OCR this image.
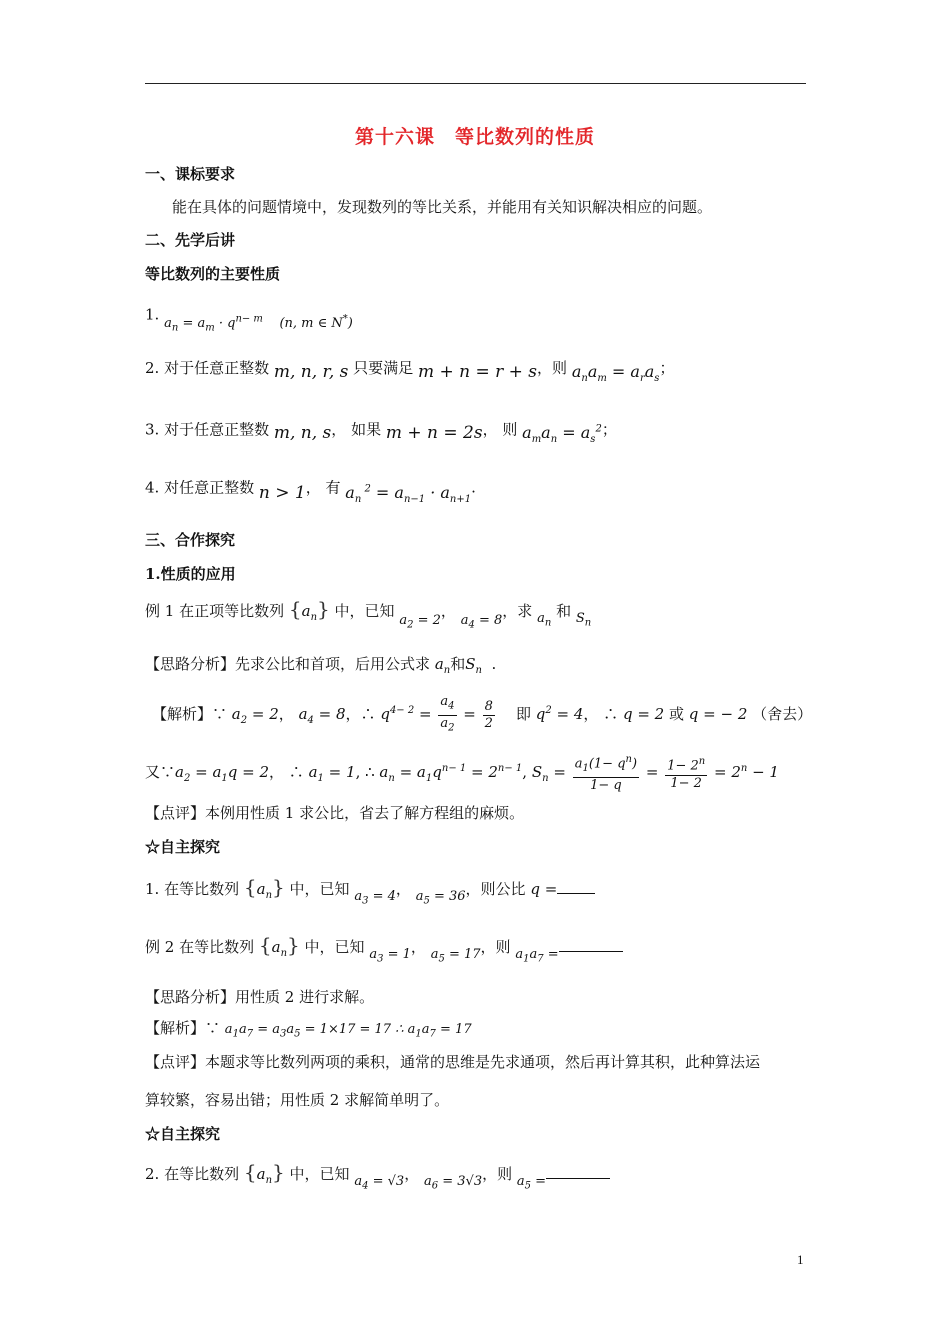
第十六课　等比数列的性质
一、课标要求
能在具体的问题情境中，发现数列的等比关系，并能用有关知识解决相应的问题。
二、先学后讲
等比数列的主要性质
1. $a_n = a_m \cdot q^{n- m}$    (n, m ∈ N*)
2. 对于任意正整数 m, n, r, s 只要满足 m + n = r + s，则 $a_na_m = a_ra_s$；
3. 对于任意正整数 m, n, s， 如果 m + n = 2s， 则 $a_ma_n = a_s^2$；
4. 对任意正整数 n > 1， 有 $a_n$ $^2 = a_{n-1} \cdot a_{n+1}$.
三、合作探究
1.性质的应用
例 1 在正项等比数列 $\{a_n\}$ 中，已知 $a_2 = 2$， $a_4 = 8$，求 $a_n$ 和 $S_n$
【思路分析】先求公比和首项，后用公式求 $a_n$和$S_n$  .
【解析】∵ $a_2 = 2$， $a_4 = 8$，∴ $q^{4- 2} = \frac{a_4}{a_2} = \frac{8}{2}$ 即 $q^2 = 4$， ∴ q = 2 或 q = − 2 （舍去）
又$\because a_2 = a_1q = 2$， ∴ $a_1 = 1$, ∴ $a_n = a_1q^{n- 1} = 2^{n- 1}$, $S_n = \frac{a_1(1- q^n)}{1- q} = \frac{1- 2^n}{1- 2} = 2^n - 1$
【点评】本例用性质 1 求公比，省去了解方程组的麻烦。
☆自主探究
1. 在等比数列 $\{a_n\}$ 中，已知 $a_3 = 4$， $a_5 = 36$，则公比 q =
例 2 在等比数列 $\{a_n\}$ 中，已知 $a_3 = 1$， $a_5 = 17$，则 $a_1a_7$ =
【思路分析】用性质 2 进行求解。
【解析】∵ $a_1a_7 = a_3a_5 = 1\times 17 = 17$ ∴ $a_1a_7 = 17$
【点评】本题求等比数列两项的乘积，通常的思维是先求通项，然后再计算其积，此种算法运
算较繁，容易出错；用性质 2 求解简单明了。
☆自主探究
2. 在等比数列 $\{a_n\}$ 中，已知 $a_4 = √3$， $a_6 = 3√3$，则 $a_5$ =
1
